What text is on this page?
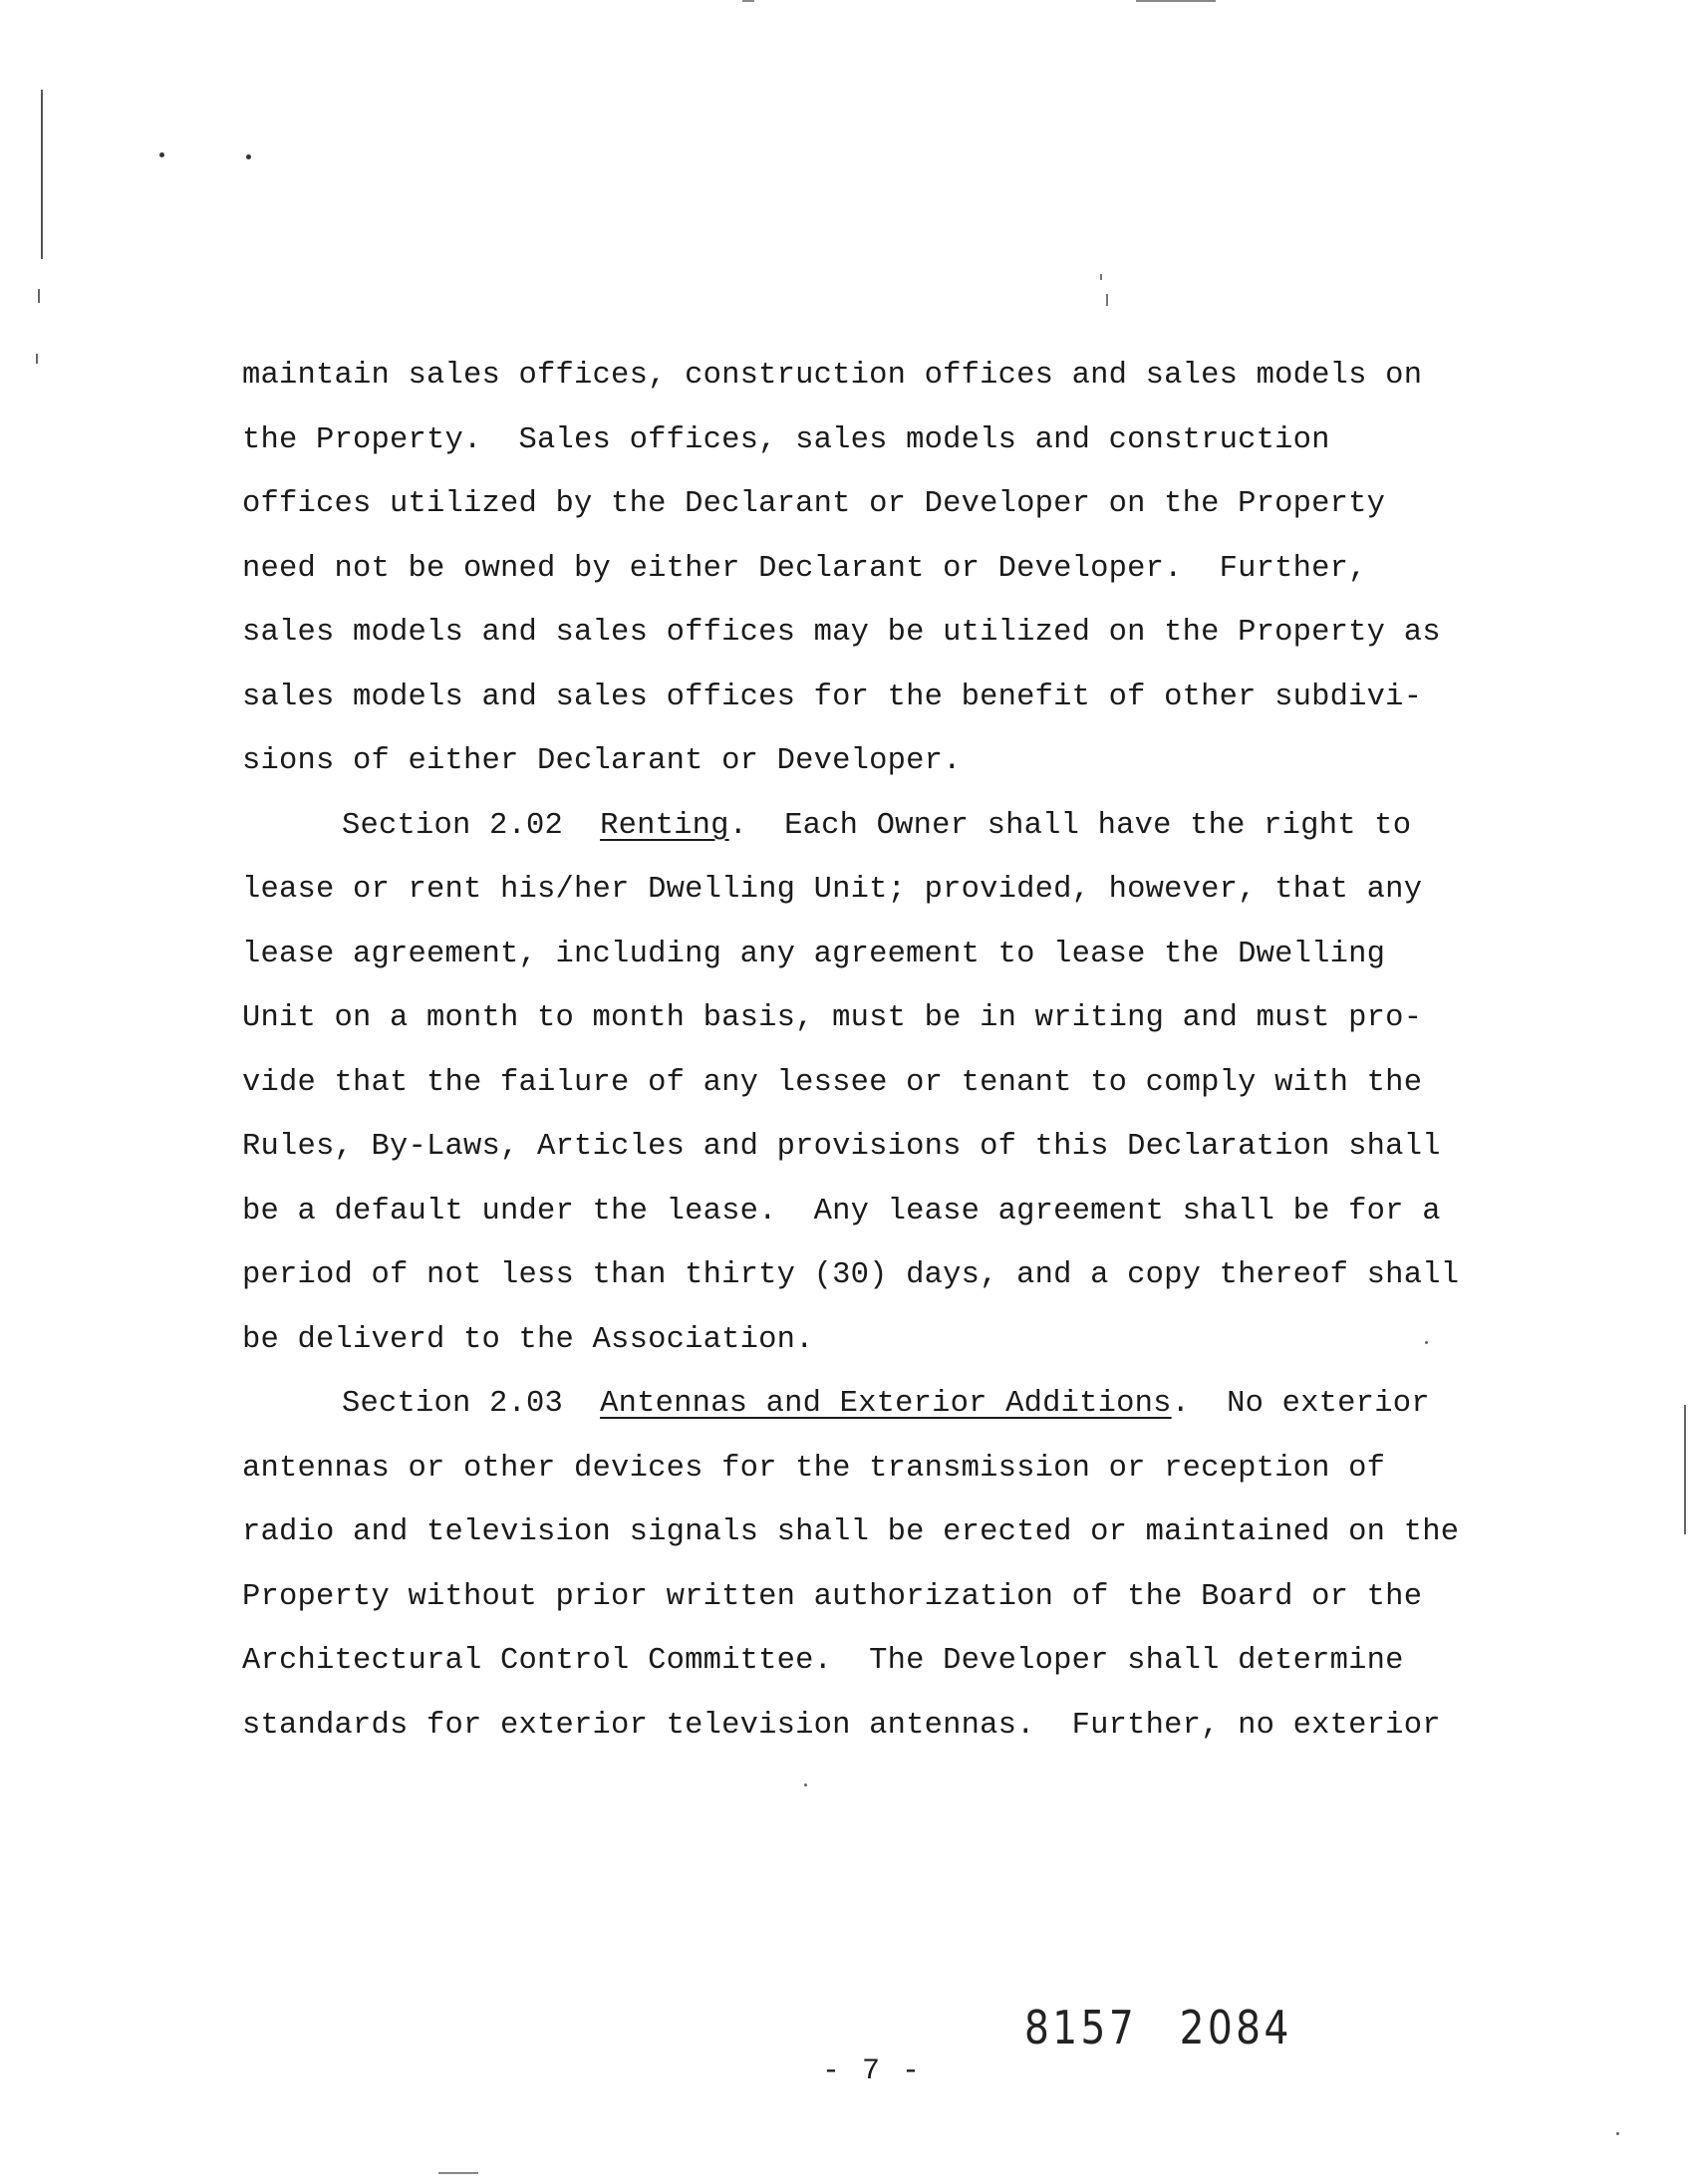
maintain sales offices, construction offices and sales models on
the Property.  Sales offices, sales models and construction
offices utilized by the Declarant or Developer on the Property
need not be owned by either Declarant or Developer.  Further,
sales models and sales offices may be utilized on the Property as
sales models and sales offices for the benefit of other subdivi-
sions of either Declarant or Developer.
Section 2.02 Renting.  Each Owner shall have the right to
lease or rent his/her Dwelling Unit; provided, however, that any
lease agreement, including any agreement to lease the Dwelling
Unit on a month to month basis, must be in writing and must pro-
vide that the failure of any lessee or tenant to comply with the
Rules, By-Laws, Articles and provisions of this Declaration shall
be a default under the lease.  Any lease agreement shall be for a
period of not less than thirty (30) days, and a copy thereof shall
be deliverd to the Association.
Section 2.03 Antennas and Exterior Additions.  No exterior
antennas or other devices for the transmission or reception of
radio and television signals shall be erected or maintained on the
Property without prior written authorization of the Board or the
Architectural Control Committee.  The Developer shall determine
standards for exterior television antennas.  Further, no exterior
8157 2084
- 7 -
